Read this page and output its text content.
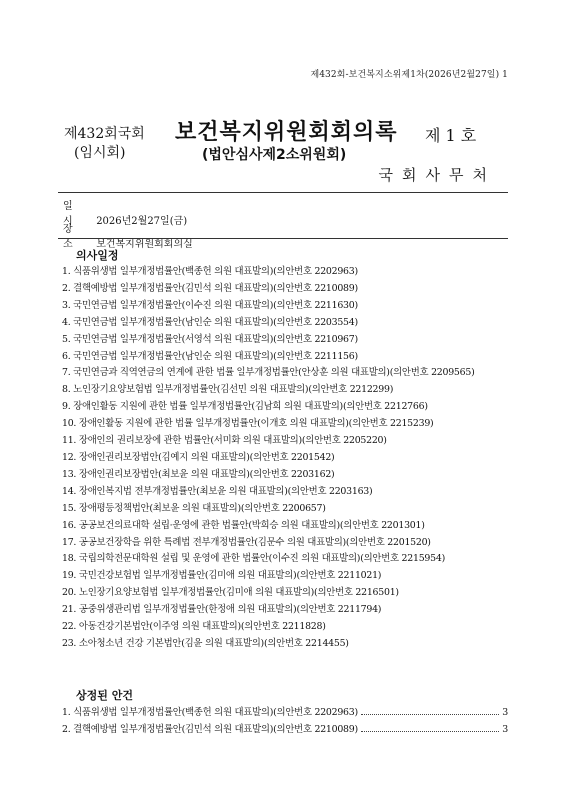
제432회-보건복지소위제1차(2026년2월27일) 1
제432회국회
(임시회)
보건복지위원회회의록
(법안심사제2소위원회)
제 1 호
국회사무처
일 시 2026년2월27일(금)
장 소 보건복지위원회회의실
의사일정
1. 식품위생법 일부개정법률안(백종헌 의원 대표발의)(의안번호 2202963)
2. 결핵예방법 일부개정법률안(김민석 의원 대표발의)(의안번호 2210089)
3. 국민연금법 일부개정법률안(이수진 의원 대표발의)(의안번호 2211630)
4. 국민연금법 일부개정법률안(남인순 의원 대표발의)(의안번호 2203554)
5. 국민연금법 일부개정법률안(서영석 의원 대표발의)(의안번호 2210967)
6. 국민연금법 일부개정법률안(남인순 의원 대표발의)(의안번호 2211156)
7. 국민연금과 직역연금의 연계에 관한 법률 일부개정법률안(안상훈 의원 대표발의)(의안번호 2209565)
8. 노인장기요양보험법 일부개정법률안(김선민 의원 대표발의)(의안번호 2212299)
9. 장애인활동 지원에 관한 법률 일부개정법률안(김남희 의원 대표발의)(의안번호 2212766)
10. 장애인활동 지원에 관한 법률 일부개정법률안(이개호 의원 대표발의)(의안번호 2215239)
11. 장애인의 권리보장에 관한 법률안(서미화 의원 대표발의)(의안번호 2205220)
12. 장애인권리보장법안(김예지 의원 대표발의)(의안번호 2201542)
13. 장애인권리보장법안(최보윤 의원 대표발의)(의안번호 2203162)
14. 장애인복지법 전부개정법률안(최보윤 의원 대표발의)(의안번호 2203163)
15. 장애평등정책법안(최보윤 의원 대표발의)(의안번호 2200657)
16. 공공보건의료대학 설립·운영에 관한 법률안(박희승 의원 대표발의)(의안번호 2201301)
17. 공공보건장학을 위한 특례법 전부개정법률안(김문수 의원 대표발의)(의안번호 2201520)
18. 국립의학전문대학원 설립 및 운영에 관한 법률안(이수진 의원 대표발의)(의안번호 2215954)
19. 국민건강보험법 일부개정법률안(김미애 의원 대표발의)(의안번호 2211021)
20. 노인장기요양보험법 일부개정법률안(김미애 의원 대표발의)(의안번호 2216501)
21. 공중위생관리법 일부개정법률안(한정애 의원 대표발의)(의안번호 2211794)
22. 아동건강기본법안(이주영 의원 대표발의)(의안번호 2211828)
23. 소아청소년 건강 기본법안(김윤 의원 대표발의)(의안번호 2214455)
상정된 안건
1. 식품위생법 일부개정법률안(백종헌 의원 대표발의)(의안번호 2202963)	3
2. 결핵예방법 일부개정법률안(김민석 의원 대표발의)(의안번호 2210089)	3
